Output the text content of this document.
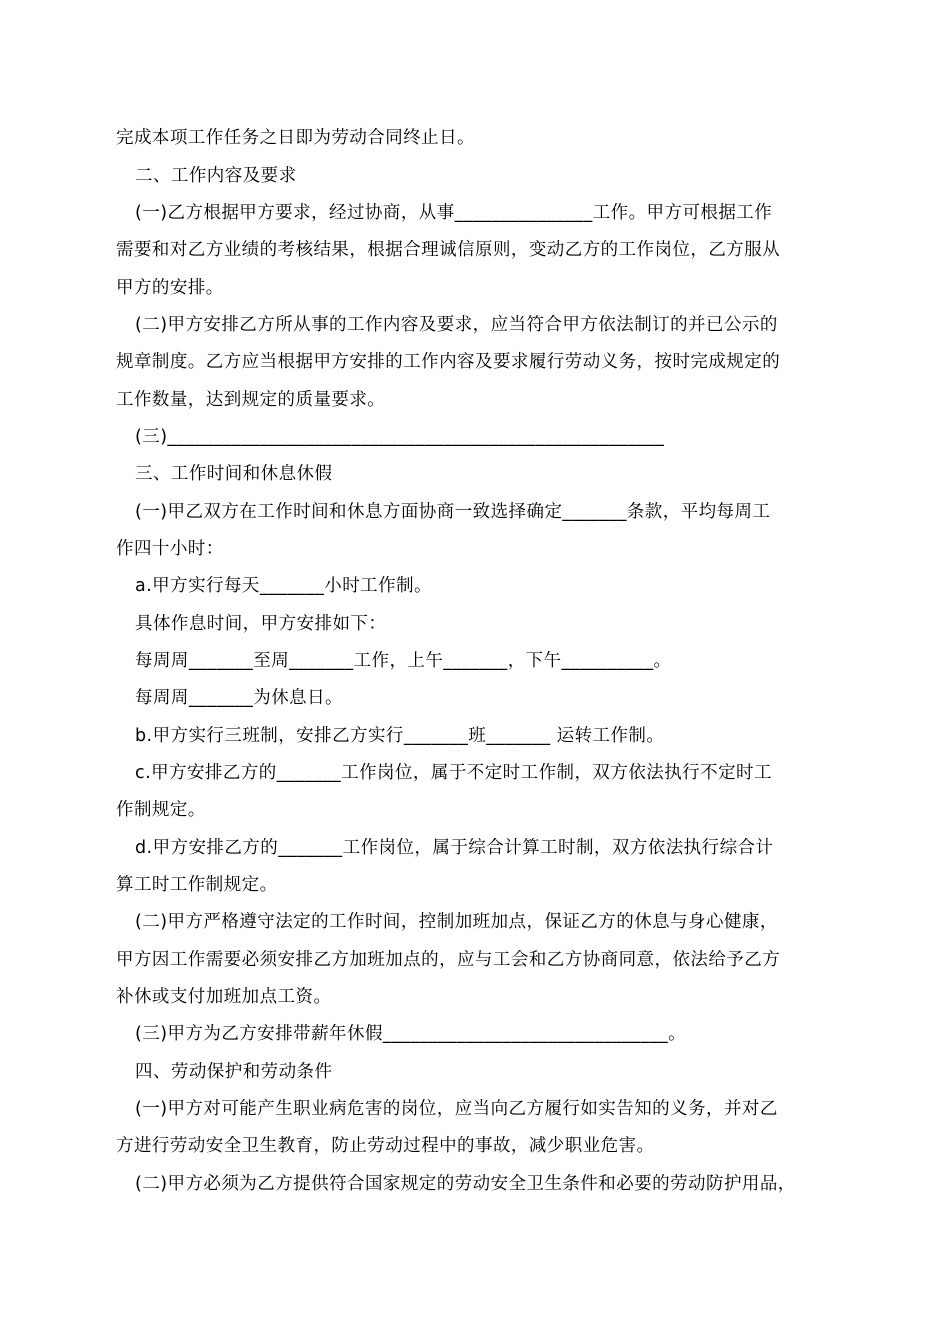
完成本项工作任务之日即为劳动合同终止日。
二、工作内容及要求
(一)乙方根据甲方要求，经过协商，从事_______________工作。甲方可根据工作
需要和对乙方业绩的考核结果，根据合理诚信原则，变动乙方的工作岗位，乙方服从
甲方的安排。
(二)甲方安排乙方所从事的工作内容及要求，应当符合甲方依法制订的并已公示的
规章制度。乙方应当根据甲方安排的工作内容及要求履行劳动义务，按时完成规定的
工作数量，达到规定的质量要求。
(三)______________________________________________________
三、工作时间和休息休假
(一)甲乙双方在工作时间和休息方面协商一致选择确定_______条款，平均每周工
作四十小时：
a.甲方实行每天_______小时工作制。
具体作息时间，甲方安排如下：
每周周_______至周_______工作，上午_______，下午__________。
每周周_______为休息日。
b.甲方实行三班制，安排乙方实行_______班_______ 运转工作制。
c.甲方安排乙方的_______工作岗位，属于不定时工作制，双方依法执行不定时工
作制规定。
d.甲方安排乙方的_______工作岗位，属于综合计算工时制，双方依法执行综合计
算工时工作制规定。
(二)甲方严格遵守法定的工作时间，控制加班加点，保证乙方的休息与身心健康，
甲方因工作需要必须安排乙方加班加点的，应与工会和乙方协商同意，依法给予乙方
补休或支付加班加点工资。
(三)甲方为乙方安排带薪年休假_______________________________。
四、劳动保护和劳动条件
(一)甲方对可能产生职业病危害的岗位，应当向乙方履行如实告知的义务，并对乙
方进行劳动安全卫生教育，防止劳动过程中的事故，减少职业危害。
(二)甲方必须为乙方提供符合国家规定的劳动安全卫生条件和必要的劳动防护用品，
